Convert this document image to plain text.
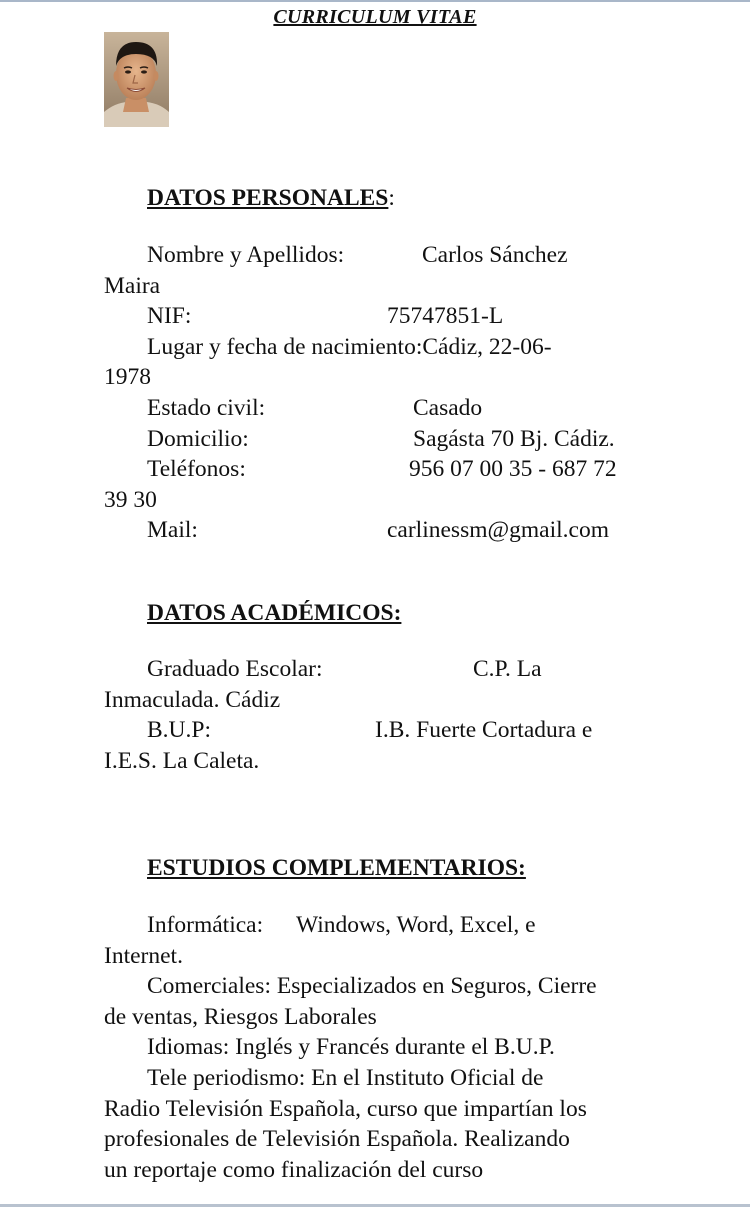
CURRICULUM VITAE

DATOS PERSONALES:

Nombre y Apellidos:	Carlos Sánchez

Maira

NIF:	75747851-L

Lugar y fecha de nacimiento:Cádiz, 22-06-

1978

Estado civil:	Casado

Domicilio:	Sagásta 70 Bj. Cádiz.

Teléfonos:	956 07 00 35 - 687 72

39 30

Mail:	carlinessm@gmail.com

DATOS ACADÉMICOS:

Graduado Escolar:	C.P. La

Inmaculada. Cádiz

B.U.P:	I.B. Fuerte Cortadura e

I.E.S. La Caleta.

ESTUDIOS COMPLEMENTARIOS:

Informática: Windows, Word, Excel, e

Internet.

Comerciales: Especializados en Seguros, Cierre

de ventas, Riesgos Laborales

Idiomas: Inglés y Francés durante el B.U.P.

Tele periodismo: En el Instituto Oficial de

Radio Televisión Española, curso que impartían los

profesionales de Televisión Española. Realizando

un reportaje como finalización del curso
